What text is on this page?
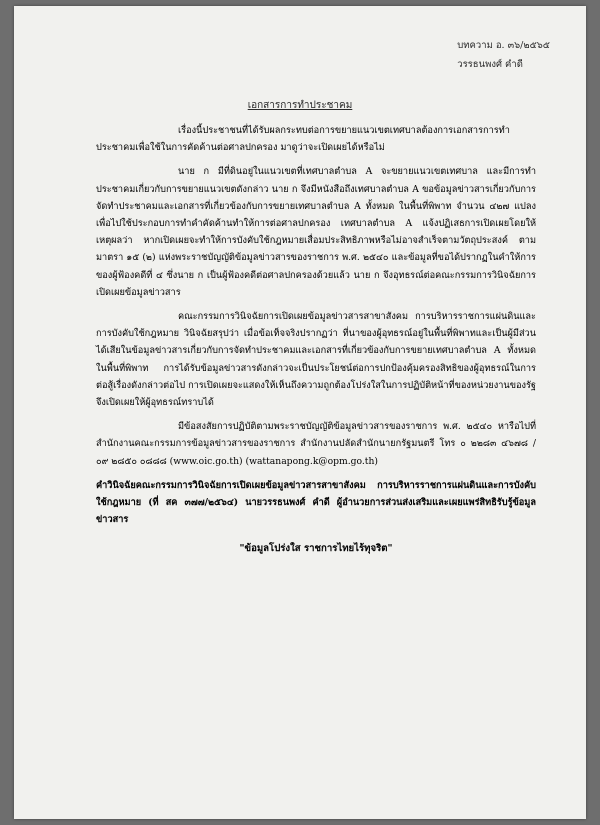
บทความ อ. ๓๖/๒๕๖๕
วรรธนพงศ์ คำดี
เอกสารการทำประชาคม

เรื่องนี้ประชาชนที่ได้รับผลกระทบต่อการขยายแนวเขตเทศบาลต้องการเอกสารการทำประชาคมเพื่อใช้ในการคัดค้านต่อศาลปกครอง มาดูว่าจะเปิดเผยได้หรือไม่

นาย ก มีที่ดินอยู่ในแนวเขตที่เทศบาลตำบล A จะขยายแนวเขตเทศบาล และมีการทำประชาคมเกี่ยวกับการขยายแนวเขตดังกล่าว นาย ก จึงมีหนังสือถึงเทศบาลตำบล A ขอข้อมูลข่าวสารเกี่ยวกับการจัดทำประชาคมและเอกสารที่เกี่ยวข้องกับการขยายเทศบาลตำบล A ทั้งหมด ในพื้นที่พิพาท จำนวน ๔๒๗ แปลง เพื่อไปใช้ประกอบการทำคำคัดค้านทำให้การต่อศาลปกครอง เทศบาลตำบล A แจ้งปฏิเสธการเปิดเผยโดยให้เหตุผลว่า หากเปิดเผยจะทำให้การบังคับใช้กฎหมายเสื่อมประสิทธิภาพหรือไม่อาจสำเร็จตามวัตถุประสงค์ ตามมาตรา ๑๕ (๒) แห่งพระราชบัญญัติข้อมูลข่าวสารของราชการ พ.ศ. ๒๕๔๐ และข้อมูลที่ขอได้ปรากฏในคำให้การของผู้ฟ้องคดีที่ ๔ ซึ่งนาย ก เป็นผู้ฟ้องคดีต่อศาลปกครองด้วยแล้ว นาย ก จึงอุทธรณ์ต่อคณะกรรมการวินิจฉัยการเปิดเผยข้อมูลข่าวสาร

คณะกรรมการวินิจฉัยการเปิดเผยข้อมูลข่าวสารสาขาสังคม การบริหารราชการแผ่นดินและการบังคับใช้กฎหมาย วินิจฉัยสรุปว่า เมื่อข้อเท็จจริงปรากฏว่า ที่นาของผู้อุทธรณ์อยู่ในพื้นที่พิพาทและเป็นผู้มีส่วนได้เสียในข้อมูลข่าวสารเกี่ยวกับการจัดทำประชาคมและเอกสารที่เกี่ยวข้องกับการขยายเทศบาลตำบล A ทั้งหมดในพื้นที่พิพาท การได้รับข้อมูลข่าวสารดังกล่าวจะเป็นประโยชน์ต่อการปกป้องคุ้มครองสิทธิของผู้อุทธรณ์ในการต่อสู้เรื่องดังกล่าวต่อไป การเปิดเผยจะแสดงให้เห็นถึงความถูกต้องโปร่งใสในการปฏิบัติหน้าที่ของหน่วยงานของรัฐจึงเปิดเผยให้ผู้อุทธรณ์ทราบได้

มีข้อสงสัยการปฏิบัติตามพระราชบัญญัติข้อมูลข่าวสารของราชการ พ.ศ. ๒๕๔๐ หารือไปที่สำนักงานคณะกรรมการข้อมูลข่าวสารของราชการ สำนักงานปลัดสำนักนายกรัฐมนตรี โทร ๐ ๒๒๘๓ ๔๖๗๘ / ๐๙ ๒๘๕๐ ๐๘๘๘ (www.oic.go.th) (wattanapong.k@opm.go.th)

คำวินิจฉัยคณะกรรมการวินิจฉัยการเปิดเผยข้อมูลข่าวสารสาขาสังคม การบริหารราชการแผ่นดินและการบังคับใช้กฎหมาย (ที่ สค ๓๗๗/๒๕๖๔) นายวรรธนพงศ์ คำดี ผู้อำนวยการส่วนส่งเสริมและเผยแพร่สิทธิรับรู้ข้อมูลข่าวสาร

"ข้อมูลโปร่งใส ราชการไทยไร้ทุจริต"
